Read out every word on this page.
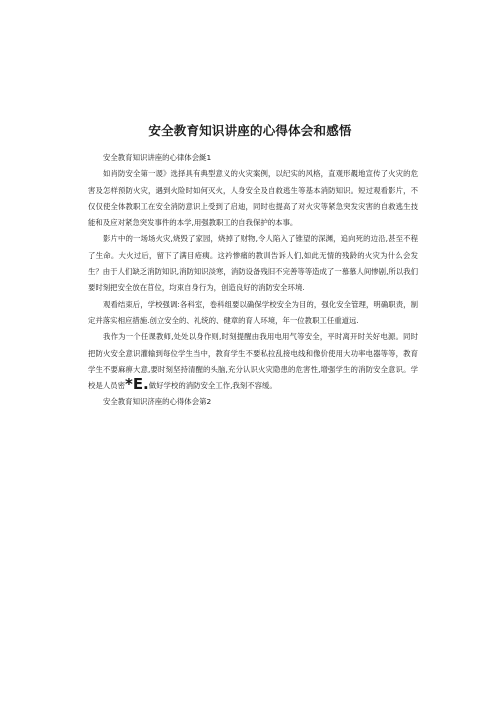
安全教育知识讲座的心得体会和感悟

安全教育知识讲座的心律体会綖1

如肖防安全第一谡》选择具有典型意义的火灾案例，以纪实的风格，直观形覩地宣传了火灾的危害及怎样预防火灾，遇到火险时如何灭火，人身安全及自救逃生等基本消防知识。短过观看影片，不仅仅使全体教职工在安全消防意识上受到了启迪，同时也提高了对火灾等紧急突发灾害的自救逃生技能和及应对紧急突发事件的本学,用强教职工的自我保护的本事。

影片中的一场场火灾,烧毁了家园，烧掉了财物,令人陷入了锥望的深渊，追向死的边沿,甚至不程了生命。大火过后，留下了满目疮痍。这衿惨痛的教训告诉人们,如此无情的残龄的火灾为什么会发生？由于人们缺乏消防知识,消防知识淡寒，消防设备残旧不完善等等造成了一慕慕人间惨剧,所以我们要时刻把安全放在苜位，均束自身行为，创造良好的消防安全环境.

观看结束后，学校强调:各科室，卷科组要以确保学校安全为目的，强化安全管理，明确职责，制定并落实相应措施.创立安全的、礼统的、健章的育人环境，年一位教职工任重道远.

我作为一个任课教师,处处以身作则,时刻提醒由我用电用气等安全，平时离开时关好电源。同时把防火安全意识灌输到每位学生当中，教育学生不要私拉乱接电线和像价使用大功率电器等等，教育学生不要麻痹大意,要时刻坚持清醒的头脑,充分认识火灾隐患的危害性,增强学生的消防安全意识。学校是人员密*E.做好学校的消防安全工作,我刻不容缓。

安全教育知识济座的心得体会第2
